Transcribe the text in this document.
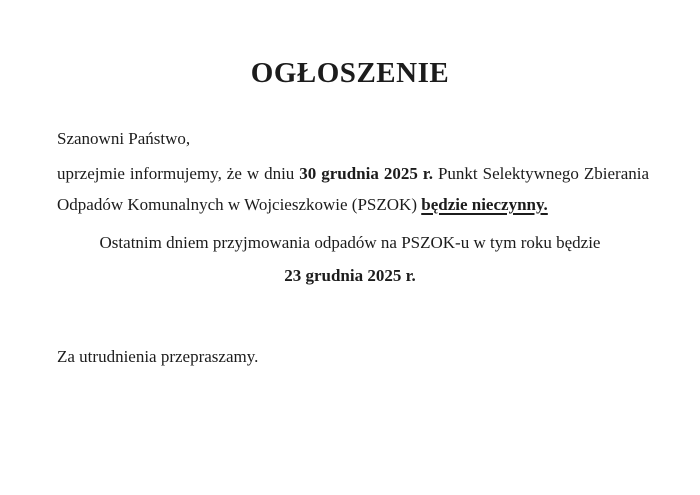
OGŁOSZENIE

Szanowni Państwo,

uprzejmie informujemy, że w dniu 30 grudnia 2025 r. Punkt Selektywnego Zbierania Odpadów Komunalnych w Wojcieszkowie (PSZOK) będzie nieczynny.

Ostatnim dniem przyjmowania odpadów na PSZOK-u w tym roku będzie

23 grudnia 2025 r.

Za utrudnienia przepraszamy.
